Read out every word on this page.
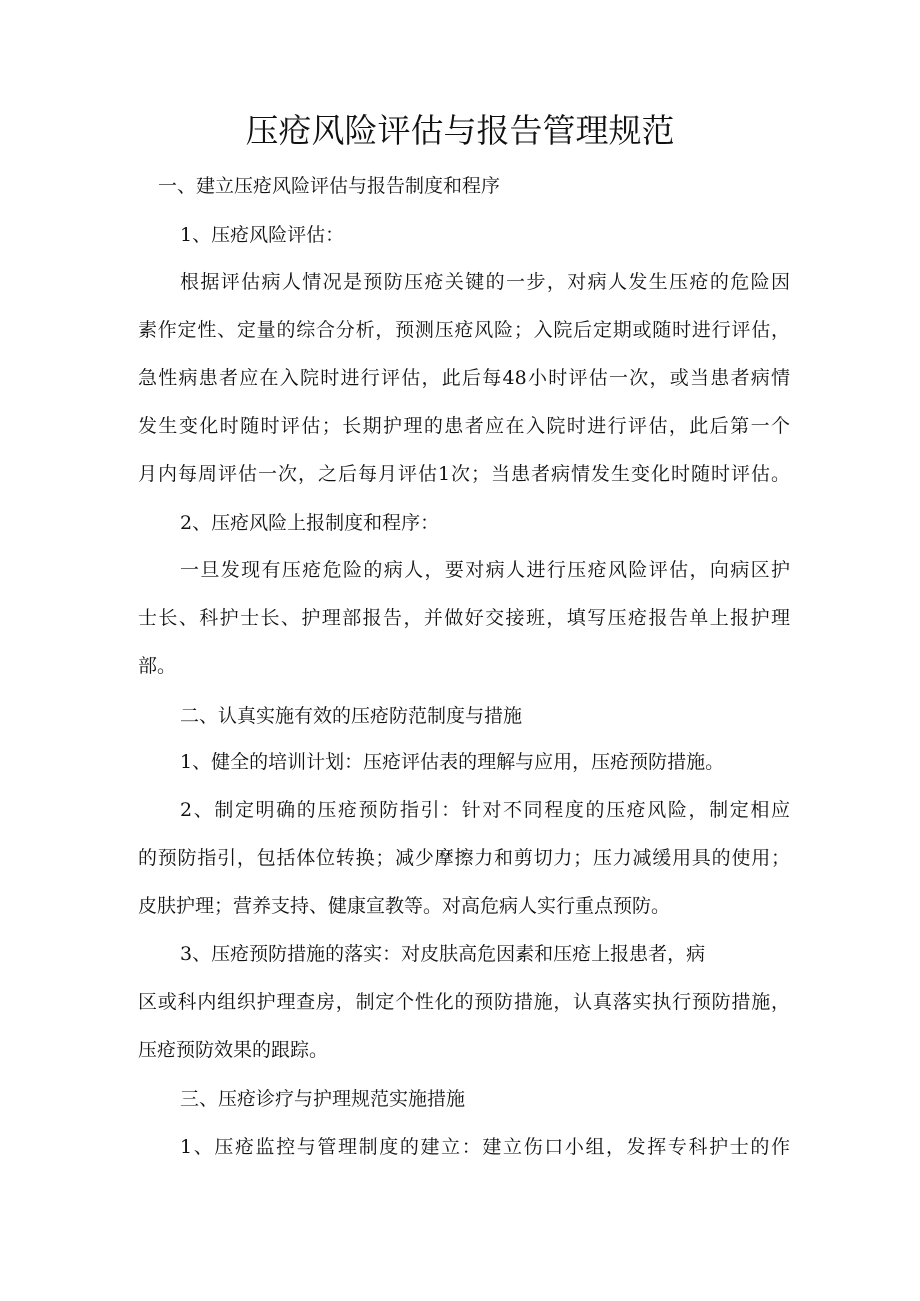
压疮风险评估与报告管理规范

一、建立压疮风险评估与报告制度和程序

1、压疮风险评估：

根据评估病人情况是预防压疮关键的一步，对病人发生压疮的危险因

素作定性、定量的综合分析，预测压疮风险；入院后定期或随时进行评估，

急性病患者应在入院时进行评估，此后每48小时评估一次，或当患者病情

发生变化时随时评估；长期护理的患者应在入院时进行评估，此后第一个

月内每周评估一次，之后每月评估1次；当患者病情发生变化时随时评估。

2、压疮风险上报制度和程序：

一旦发现有压疮危险的病人，要对病人进行压疮风险评估，向病区护

士长、科护士长、护理部报告，并做好交接班，填写压疮报告单上报护理

部。

二、认真实施有效的压疮防范制度与措施

1、健全的培训计划：压疮评估表的理解与应用，压疮预防措施。

2、制定明确的压疮预防指引：针对不同程度的压疮风险，制定相应

的预防指引，包括体位转换；减少摩擦力和剪切力；压力减缓用具的使用；

皮肤护理；营养支持、健康宣教等。对高危病人实行重点预防。

3、压疮预防措施的落实：对皮肤高危因素和压疮上报患者，病

区或科内组织护理查房，制定个性化的预防措施，认真落实执行预防措施，

压疮预防效果的跟踪。

三、压疮诊疗与护理规范实施措施

1、压疮监控与管理制度的建立：建立伤口小组，发挥专科护士的作
